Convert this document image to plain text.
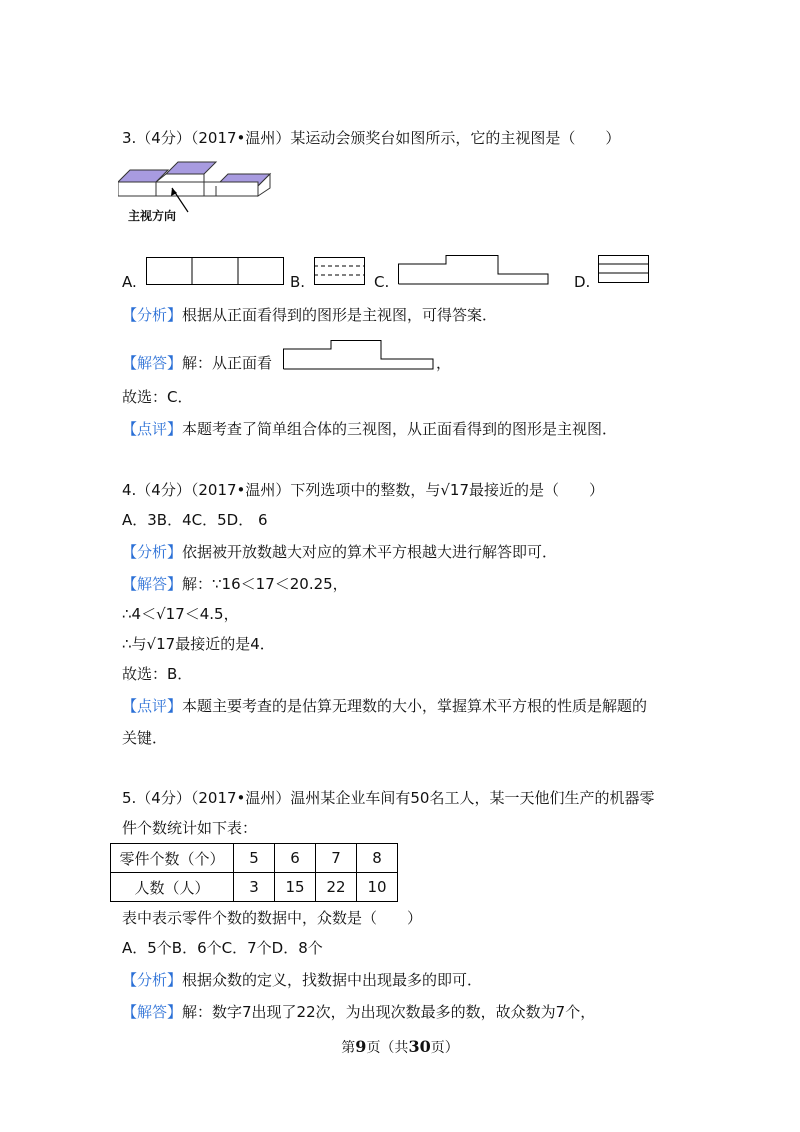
3.（4分）（2017•温州）某运动会颁奖台如图所示，它的主视图是（　　）
主视方向
A.	B.	C.	D.
【分析】根据从正面看得到的图形是主视图，可得答案．
【解答】解：从正面看	，
故选：C．
【点评】本题考查了简单组合体的三视图，从正面看得到的图形是主视图．
4.（4分）（2017•温州）下列选项中的整数，与√17最接近的是（　　）
A．3B．4C．5D． 6
【分析】依据被开放数越大对应的算术平方根越大进行解答即可．
【解答】解：∵16＜17＜20.25，
∴4＜√17＜4.5，
∴与√17最接近的是4．
故选：B．
【点评】本题主要考查的是估算无理数的大小，掌握算术平方根的性质是解题的
关键．
5.（4分）（2017•温州）温州某企业车间有50名工人，某一天他们生产的机器零
件个数统计如下表：
零件个数（个）	5	6	7	8
人数（人）	3	15	22	10
表中表示零件个数的数据中，众数是（　　）
A．5个B．6个C．7个D．8个
【分析】根据众数的定义，找数据中出现最多的即可．
【解答】解：数字7出现了22次，为出现次数最多的数，故众数为7个，
第9页（共30页）
